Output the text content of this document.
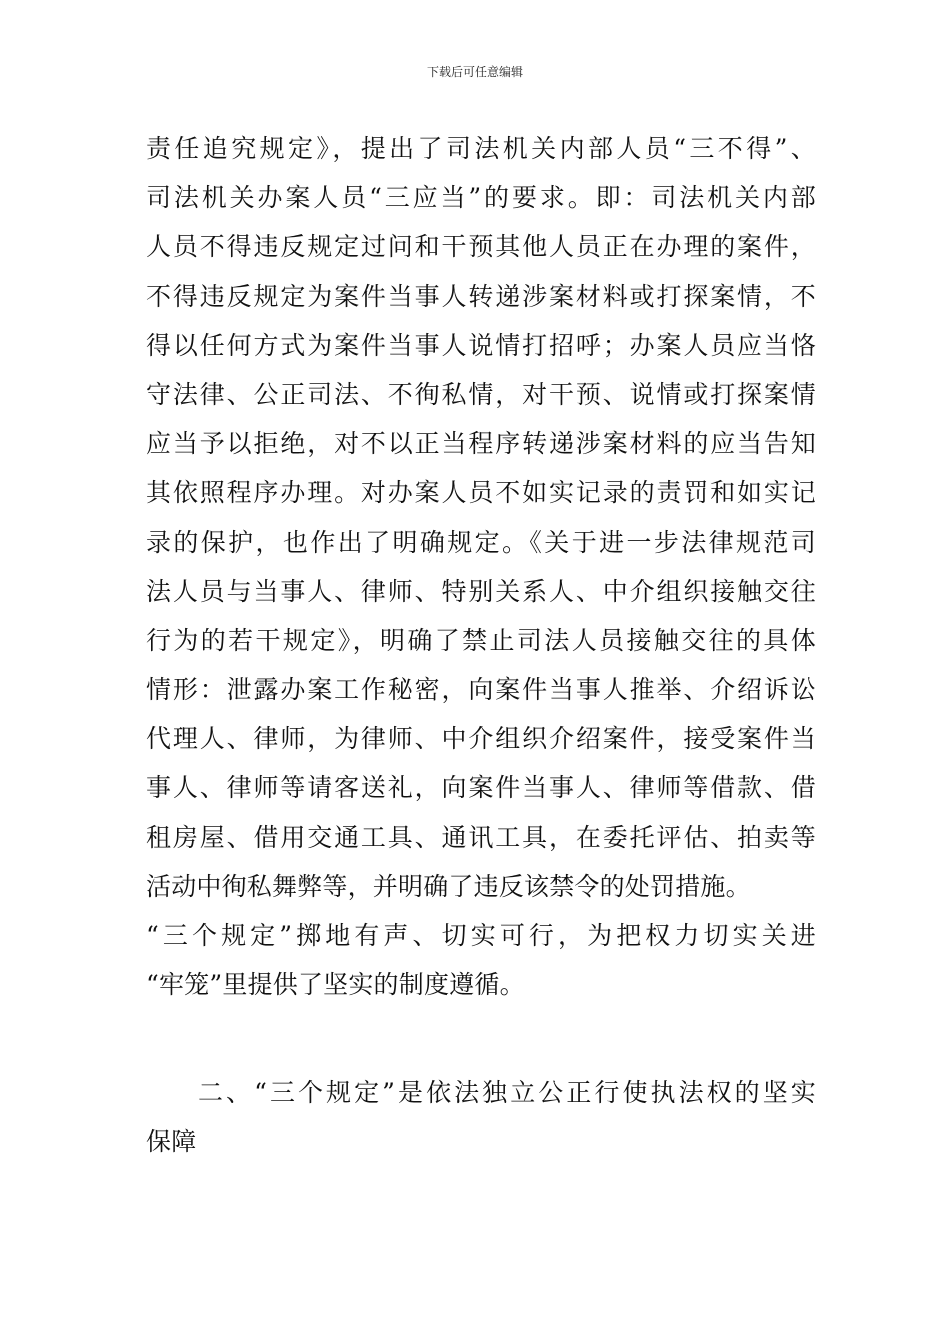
下载后可任意编辑
责任追究规定》，提出了司法机关内部人员“三不得”、
司法机关办案人员“三应当”的要求。即：司法机关内部
人员不得违反规定过问和干预其他人员正在办理的案件，
不得违反规定为案件当事人转递涉案材料或打探案情，不
得以任何方式为案件当事人说情打招呼；办案人员应当恪
守法律、公正司法、不徇私情，对干预、说情或打探案情
应当予以拒绝，对不以正当程序转递涉案材料的应当告知
其依照程序办理。对办案人员不如实记录的责罚和如实记
录的保护，也作出了明确规定。《关于进一步法律规范司
法人员与当事人、律师、特别关系人、中介组织接触交往
行为的若干规定》，明确了禁止司法人员接触交往的具体
情形：泄露办案工作秘密，向案件当事人推举、介绍诉讼
代理人、律师，为律师、中介组织介绍案件，接受案件当
事人、律师等请客送礼，向案件当事人、律师等借款、借
租房屋、借用交通工具、通讯工具，在委托评估、拍卖等
活动中徇私舞弊等，并明确了违反该禁令的处罚措施。
“三个规定”掷地有声、切实可行，为把权力切实关进
“牢笼”里提供了坚实的制度遵循。
二、“三个规定”是依法独立公正行使执法权的坚实
保障
